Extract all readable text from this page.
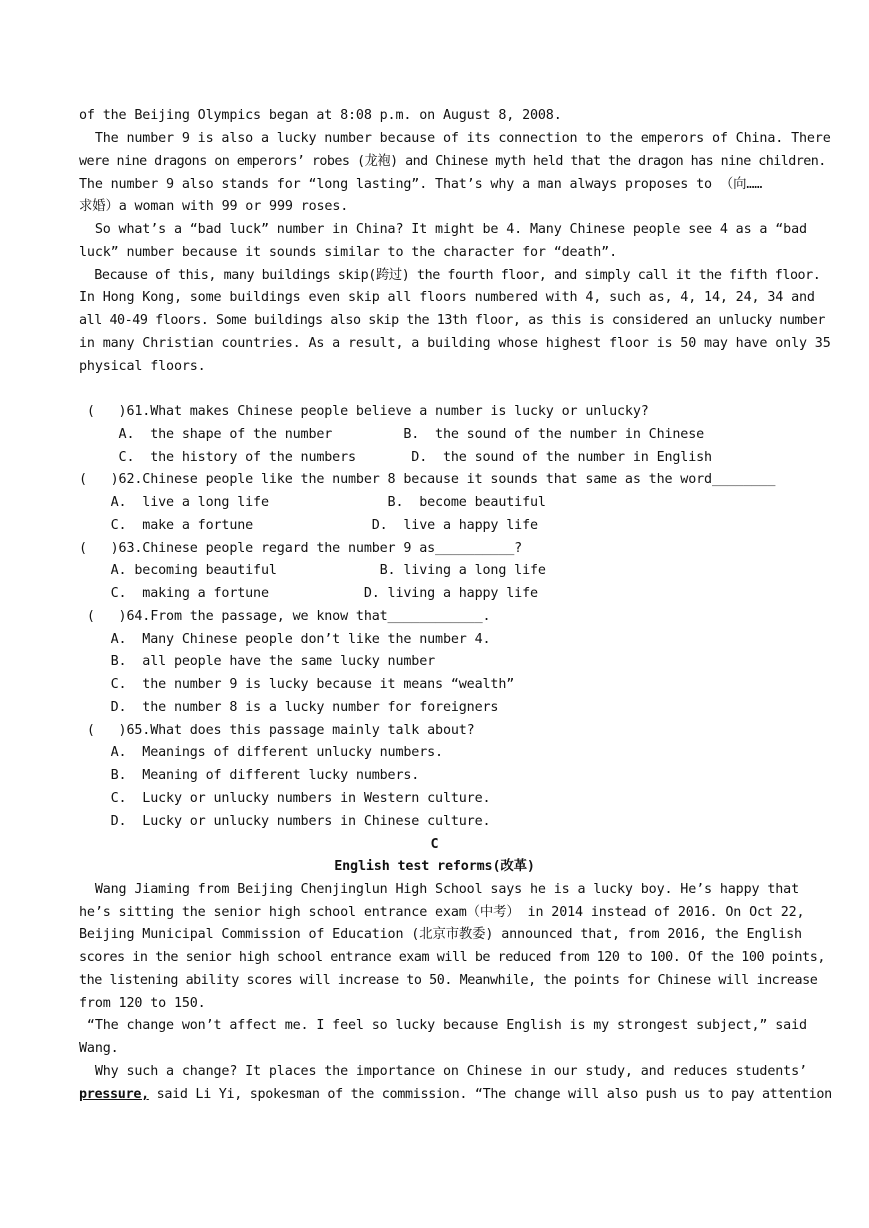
of the Beijing Olympics began at 8:08 p.m. on August 8, 2008.
The number 9 is also a lucky number because of its connection to the emperors of China. There
were nine dragons on emperors’ robes (龙袍) and Chinese myth held that the dragon has nine children.
The number 9 also stands for “long lasting”. That’s why a man always proposes to （向……
求婚）a woman with 99 or 999 roses.
So what’s a “bad luck” number in China? It might be 4. Many Chinese people see 4 as a “bad
luck” number because it sounds similar to the character for “death”.
Because of this, many buildings skip(跨过) the fourth floor, and simply call it the fifth floor.
In Hong Kong, some buildings even skip all floors numbered with 4, such as, 4, 14, 24, 34 and
all 40-49 floors. Some buildings also skip the 13th floor, as this is considered an unlucky number
in many Christian countries. As a result, a building whose highest floor is 50 may have only 35
physical floors.
(   )61.What makes Chinese people believe a number is lucky or unlucky?
A.  the shape of the number         B.  the sound of the number in Chinese
C.  the history of the numbers       D.  the sound of the number in English
(   )62.Chinese people like the number 8 because it sounds that same as the word________
A.  live a long life               B.  become beautiful
C.  make a fortune               D.  live a happy life
(   )63.Chinese people regard the number 9 as__________?
A. becoming beautiful             B. living a long life
C.  making a fortune            D. living a happy life
(   )64.From the passage, we know that____________.
A.  Many Chinese people don’t like the number 4.
B.  all people have the same lucky number
C.  the number 9 is lucky because it means “wealth”
D.  the number 8 is a lucky number for foreigners
(   )65.What does this passage mainly talk about?
A.  Meanings of different unlucky numbers.
B.  Meaning of different lucky numbers.
C.  Lucky or unlucky numbers in Western culture.
D.  Lucky or unlucky numbers in Chinese culture.
C
English test reforms(改革)
Wang Jiaming from Beijing Chenjinglun High School says he is a lucky boy. He’s happy that
he’s sitting the senior high school entrance exam（中考） in 2014 instead of 2016. On Oct 22,
Beijing Municipal Commission of Education (北京市教委) announced that, from 2016, the English
scores in the senior high school entrance exam will be reduced from 120 to 100. Of the 100 points,
the listening ability scores will increase to 50. Meanwhile, the points for Chinese will increase
from 120 to 150.
“The change won’t affect me. I feel so lucky because English is my strongest subject,” said
Wang.
Why such a change? It places the importance on Chinese in our study, and reduces students’
pressure, said Li Yi, spokesman of the commission. “The change will also push us to pay attention
